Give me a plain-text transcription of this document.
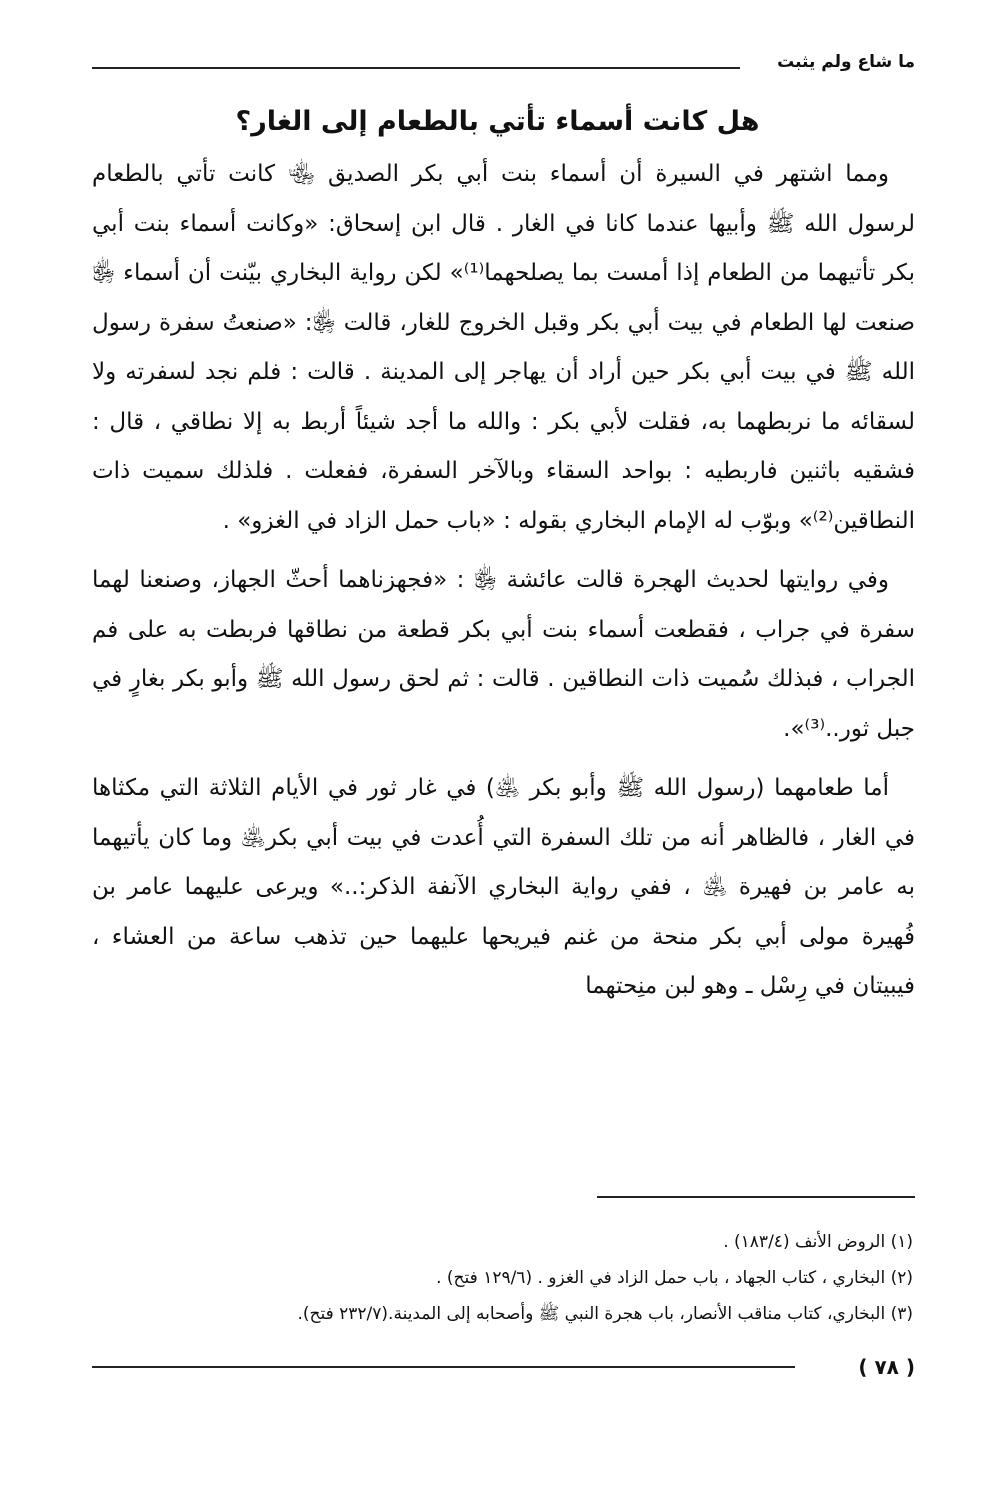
ما شاع ولم يثبت
هل كانت أسماء تأتي بالطعام إلى الغار؟

ومما اشتهر في السيرة أن أسماء بنت أبي بكر الصديق ﵄ كانت تأتي بالطعام لرسول الله ﷺ وأبيها عندما كانا في الغار . قال ابن إسحاق: «وكانت أسماء بنت أبي بكر تأتيهما من الطعام إذا أمست بما يصلحهما⁽¹⁾» لكن رواية البخاري بيّنت أن أسماء ﵂ صنعت لها الطعام في بيت أبي بكر وقبل الخروج للغار، قالت ﵂: «صنعتُ سفرة رسول الله ﷺ في بيت أبي بكر حين أراد أن يهاجر إلى المدينة . قالت : فلم نجد لسفرته ولا لسقائه ما نربطهما به، فقلت لأبي بكر : والله ما أجد شيئاً أربط به إلا نطاقي ، قال : فشقيه باثنين فاربطيه : بواحد السقاء وبالآخر السفرة، ففعلت . فلذلك سميت ذات النطاقين⁽²⁾» وبوّب له الإمام البخاري بقوله : «باب حمل الزاد في الغزو» .

وفي روايتها لحديث الهجرة قالت عائشة ﵂ : «فجهزناهما أحثّ الجهاز، وصنعنا لهما سفرة في جراب ، فقطعت أسماء بنت أبي بكر قطعة من نطاقها فربطت به على فم الجراب ، فبذلك سُميت ذات النطاقين . قالت : ثم لحق رسول الله ﷺ وأبو بكر بغارٍ في جبل ثور..⁽³⁾».

أما طعامهما (رسول الله ﷺ وأبو بكر ﵁) في غار ثور في الأيام الثلاثة التي مكثاها في الغار ، فالظاهر أنه من تلك السفرة التي أُعدت في بيت أبي بكر﵁ وما كان يأتيهما به عامر بن فهيرة ﵁ ، ففي رواية البخاري الآنفة الذكر:..» ويرعى عليهما عامر بن فُهيرة مولى أبي بكر منحة من غنم فيريحها عليهما حين تذهب ساعة من العشاء ، فيبيتان في رِسْل ـ وهو لبن منِحتهما

(١) الروض الأنف (١٨٣/٤) .
(٢) البخاري ، كتاب الجهاد ، باب حمل الزاد في الغزو . (١٢٩/٦ فتح) .
(٣) البخاري، كتاب مناقب الأنصار، باب هجرة النبي ﷺ وأصحابه إلى المدينة.(٢٣٢/٧ فتح).
( ٧٨ )
